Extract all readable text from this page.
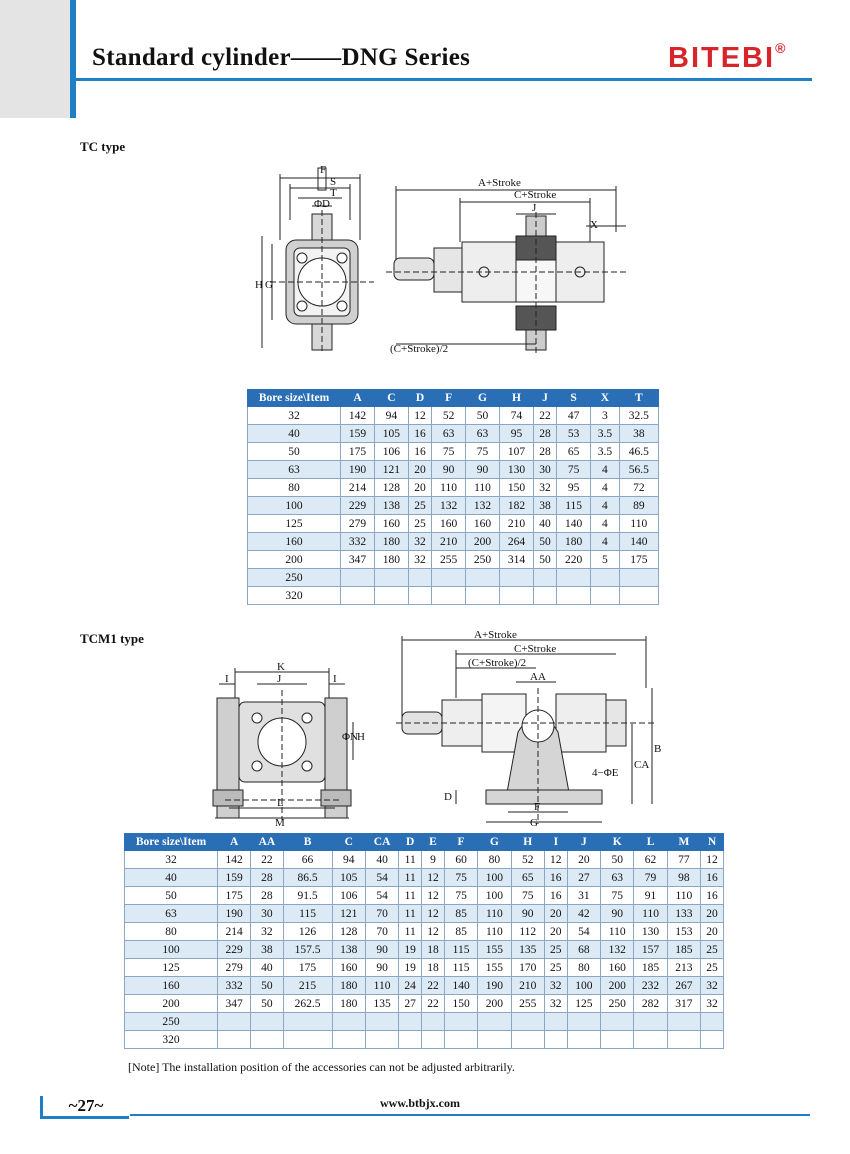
Standard cylinder——DNG Series	BITEBI®
TC type
F
S
T
ΦD
H G
A+Stroke
C+Stroke
J
X
(C+Stroke)/2
Bore size\Item	A	C	D	F	G	H	J	S	X	T
32	142	94	12	52	50	74	22	47	3	32.5
40	159	105	16	63	63	95	28	53	3.5	38
50	175	106	16	75	75	107	28	65	3.5	46.5
63	190	121	20	90	90	130	30	75	4	56.5
80	214	128	20	110	110	150	32	95	4	72
100	229	138	25	132	132	182	38	115	4	89
125	279	160	25	160	160	210	40	140	4	110
160	332	180	32	210	200	264	50	180	4	140
200	347	180	32	255	250	314	50	220	5	175
250										
320										
TCM1 type
K
J
I	I
ΦN H
L
M
A+Stroke
C+Stroke
(C+Stroke)/2
AA
B
CA
4−ΦE
D
F
G
Bore size\Item	A	AA	B	C	CA	D	E	F	G	H	I	J	K	L	M	N
32	142	22	66	94	40	11	9	60	80	52	12	20	50	62	77	12
40	159	28	86.5	105	54	11	12	75	100	65	16	27	63	79	98	16
50	175	28	91.5	106	54	11	12	75	100	75	16	31	75	91	110	16
63	190	30	115	121	70	11	12	85	110	90	20	42	90	110	133	20
80	214	32	126	128	70	11	12	85	110	112	20	54	110	130	153	20
100	229	38	157.5	138	90	19	18	115	155	135	25	68	132	157	185	25
125	279	40	175	160	90	19	18	115	155	170	25	80	160	185	213	25
160	332	50	215	180	110	24	22	140	190	210	32	100	200	232	267	32
200	347	50	262.5	180	135	27	22	150	200	255	32	125	250	282	317	32
250																
320																
[Note] The installation position of the accessories can not be adjusted arbitrarily.
~27~	www.btbjx.com
